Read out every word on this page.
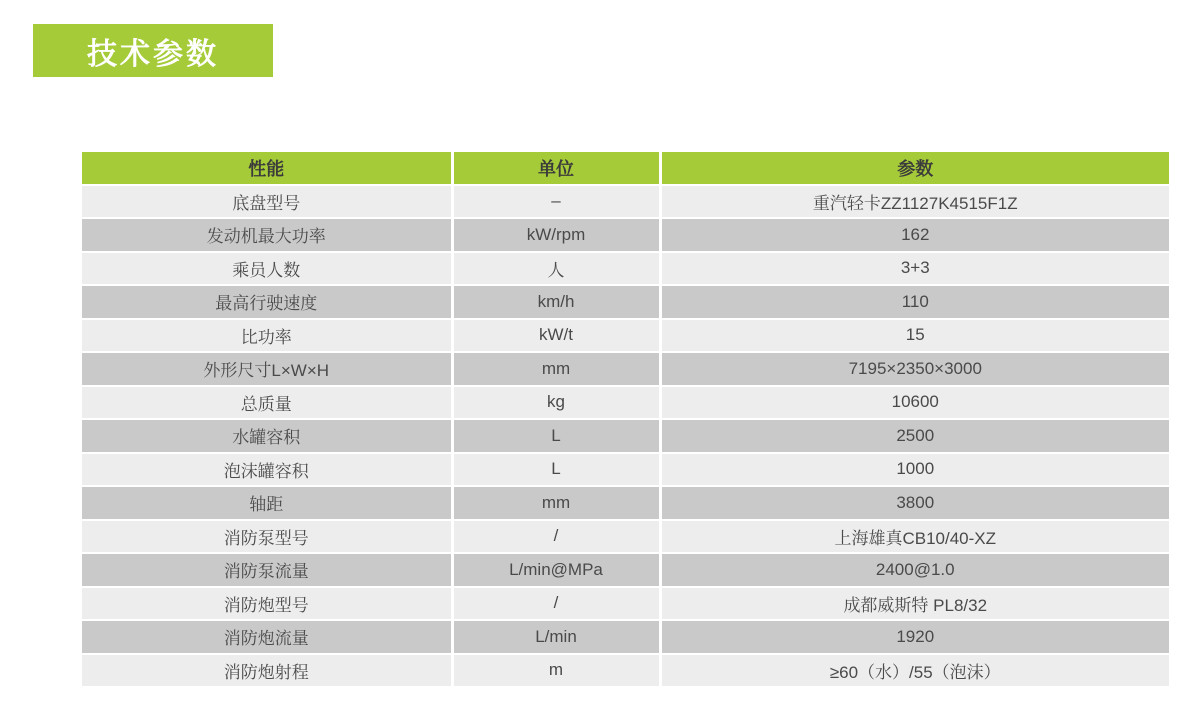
技术参数
性能	单位	参数
底盘型号	–	重汽轻卡ZZ1127K4515F1Z
发动机最大功率	kW/rpm	162
乘员人数	人	3+3
最高行驶速度	km/h	110
比功率	kW/t	15
外形尺寸L×W×H	mm	7195×2350×3000
总质量	kg	10600
水罐容积	L	2500
泡沫罐容积	L	1000
轴距	mm	3800
消防泵型号	/	上海雄真CB10/40-XZ
消防泵流量	L/min@MPa	2400@1.0
消防炮型号	/	成都威斯特 PL8/32
消防炮流量	L/min	1920
消防炮射程	m	≥60（水）/55（泡沫）
